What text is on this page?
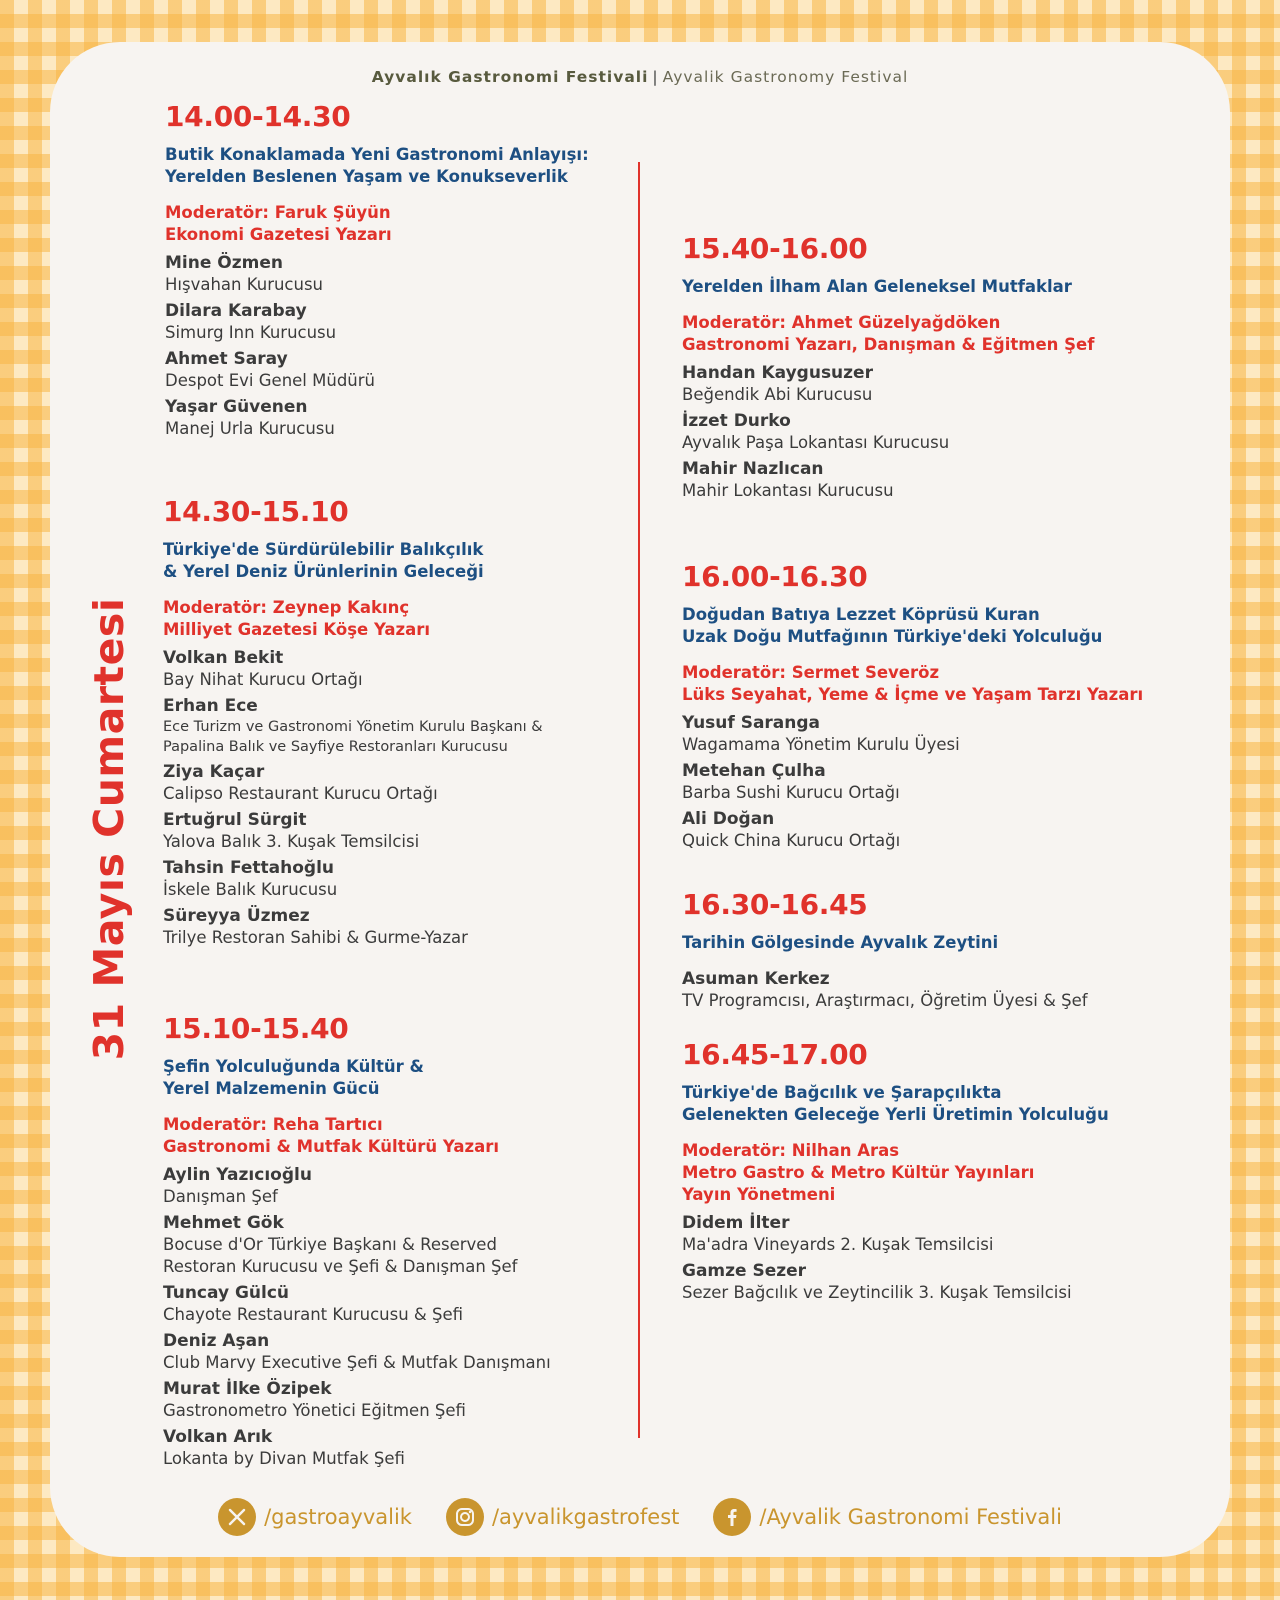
Ayvalık Gastronomi Festivali | Ayvalik Gastronomy Festival
31 Mayıs Cumartesi
14.00-14.30
Butik Konaklamada Yeni Gastronomi Anlayışı:
Yerelden Beslenen Yaşam ve Konukseverlik
Moderatör: Faruk Şüyün
Ekonomi Gazetesi Yazarı
Mine Özmen
Hışvahan Kurucusu
Dilara Karabay
Simurg Inn Kurucusu
Ahmet Saray
Despot Evi Genel Müdürü
Yaşar Güvenen
Manej Urla Kurucusu
14.30-15.10
Türkiye'de Sürdürülebilir Balıkçılık
& Yerel Deniz Ürünlerinin Geleceği
Moderatör: Zeynep Kakınç
Milliyet Gazetesi Köşe Yazarı
Volkan Bekit
Bay Nihat Kurucu Ortağı
Erhan Ece
Ece Turizm ve Gastronomi Yönetim Kurulu Başkanı &
Papalina Balık ve Sayfiye Restoranları Kurucusu
Ziya Kaçar
Calipso Restaurant Kurucu Ortağı
Ertuğrul Sürgit
Yalova Balık 3. Kuşak Temsilcisi
Tahsin Fettahoğlu
İskele Balık Kurucusu
Süreyya Üzmez
Trilye Restoran Sahibi & Gurme-Yazar
15.10-15.40
Şefin Yolculuğunda Kültür &
Yerel Malzemenin Gücü
Moderatör: Reha Tartıcı
Gastronomi & Mutfak Kültürü Yazarı
Aylin Yazıcıoğlu
Danışman Şef
Mehmet Gök
Bocuse d'Or Türkiye Başkanı & Reserved
Restoran Kurucusu ve Şefi & Danışman Şef
Tuncay Gülcü
Chayote Restaurant Kurucusu & Şefi
Deniz Aşan
Club Marvy Executive Şefi & Mutfak Danışmanı
Murat İlke Özipek
Gastronometro Yönetici Eğitmen Şefi
Volkan Arık
Lokanta by Divan Mutfak Şefi
15.40-16.00
Yerelden İlham Alan Geleneksel Mutfaklar
Moderatör: Ahmet Güzelyağdöken
Gastronomi Yazarı, Danışman & Eğitmen Şef
Handan Kaygusuzer
Beğendik Abi Kurucusu
İzzet Durko
Ayvalık Paşa Lokantası Kurucusu
Mahir Nazlıcan
Mahir Lokantası Kurucusu
16.00-16.30
Doğudan Batıya Lezzet Köprüsü Kuran
Uzak Doğu Mutfağının Türkiye'deki Yolculuğu
Moderatör: Sermet Severöz
Lüks Seyahat, Yeme & İçme ve Yaşam Tarzı Yazarı
Yusuf Saranga
Wagamama Yönetim Kurulu Üyesi
Metehan Çulha
Barba Sushi Kurucu Ortağı
Ali Doğan
Quick China Kurucu Ortağı
16.30-16.45
Tarihin Gölgesinde Ayvalık Zeytini
Asuman Kerkez
TV Programcısı, Araştırmacı, Öğretim Üyesi & Şef
16.45-17.00
Türkiye'de Bağcılık ve Şarapçılıkta
Gelenekten Geleceğe Yerli Üretimin Yolculuğu
Moderatör: Nilhan Aras
Metro Gastro & Metro Kültür Yayınları
Yayın Yönetmeni
Didem İlter
Ma'adra Vineyards 2. Kuşak Temsilcisi
Gamze Sezer
Sezer Bağcılık ve Zeytincilik 3. Kuşak Temsilcisi
/gastroayvalik	/ayvalikgastrofest	/Ayvalik Gastronomi Festivali
